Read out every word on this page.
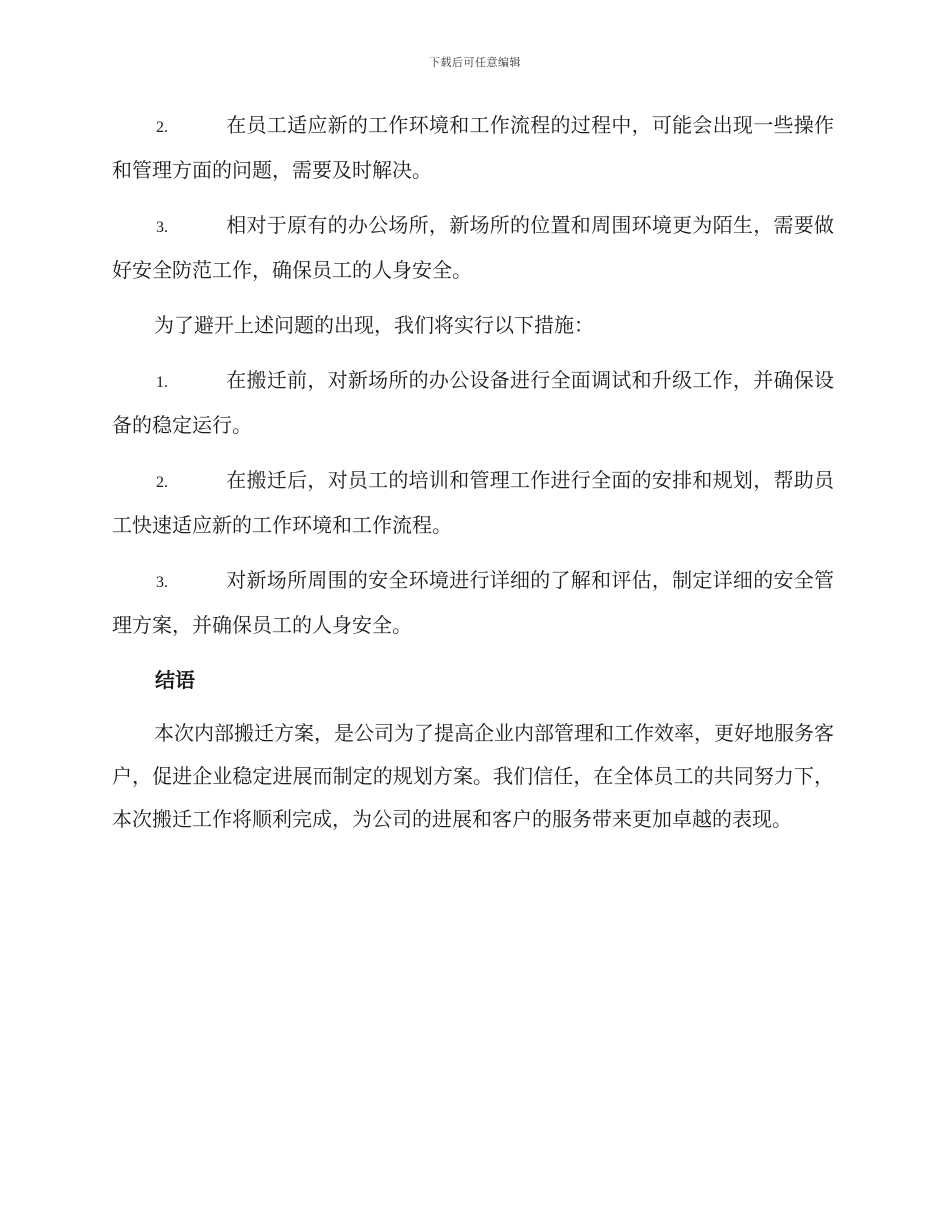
下载后可任意编辑

2.	在员工适应新的工作环境和工作流程的过程中，可能会出现一些操作和管理方面的问题，需要及时解决。

3.	相对于原有的办公场所，新场所的位置和周围环境更为陌生，需要做好安全防范工作，确保员工的人身安全。

为了避开上述问题的出现，我们将实行以下措施：

1.	在搬迁前，对新场所的办公设备进行全面调试和升级工作，并确保设备的稳定运行。

2.	在搬迁后，对员工的培训和管理工作进行全面的安排和规划，帮助员工快速适应新的工作环境和工作流程。

3.	对新场所周围的安全环境进行详细的了解和评估，制定详细的安全管理方案，并确保员工的人身安全。

结语

本次内部搬迁方案，是公司为了提高企业内部管理和工作效率，更好地服务客户，促进企业稳定进展而制定的规划方案。我们信任，在全体员工的共同努力下，本次搬迁工作将顺利完成，为公司的进展和客户的服务带来更加卓越的表现。
